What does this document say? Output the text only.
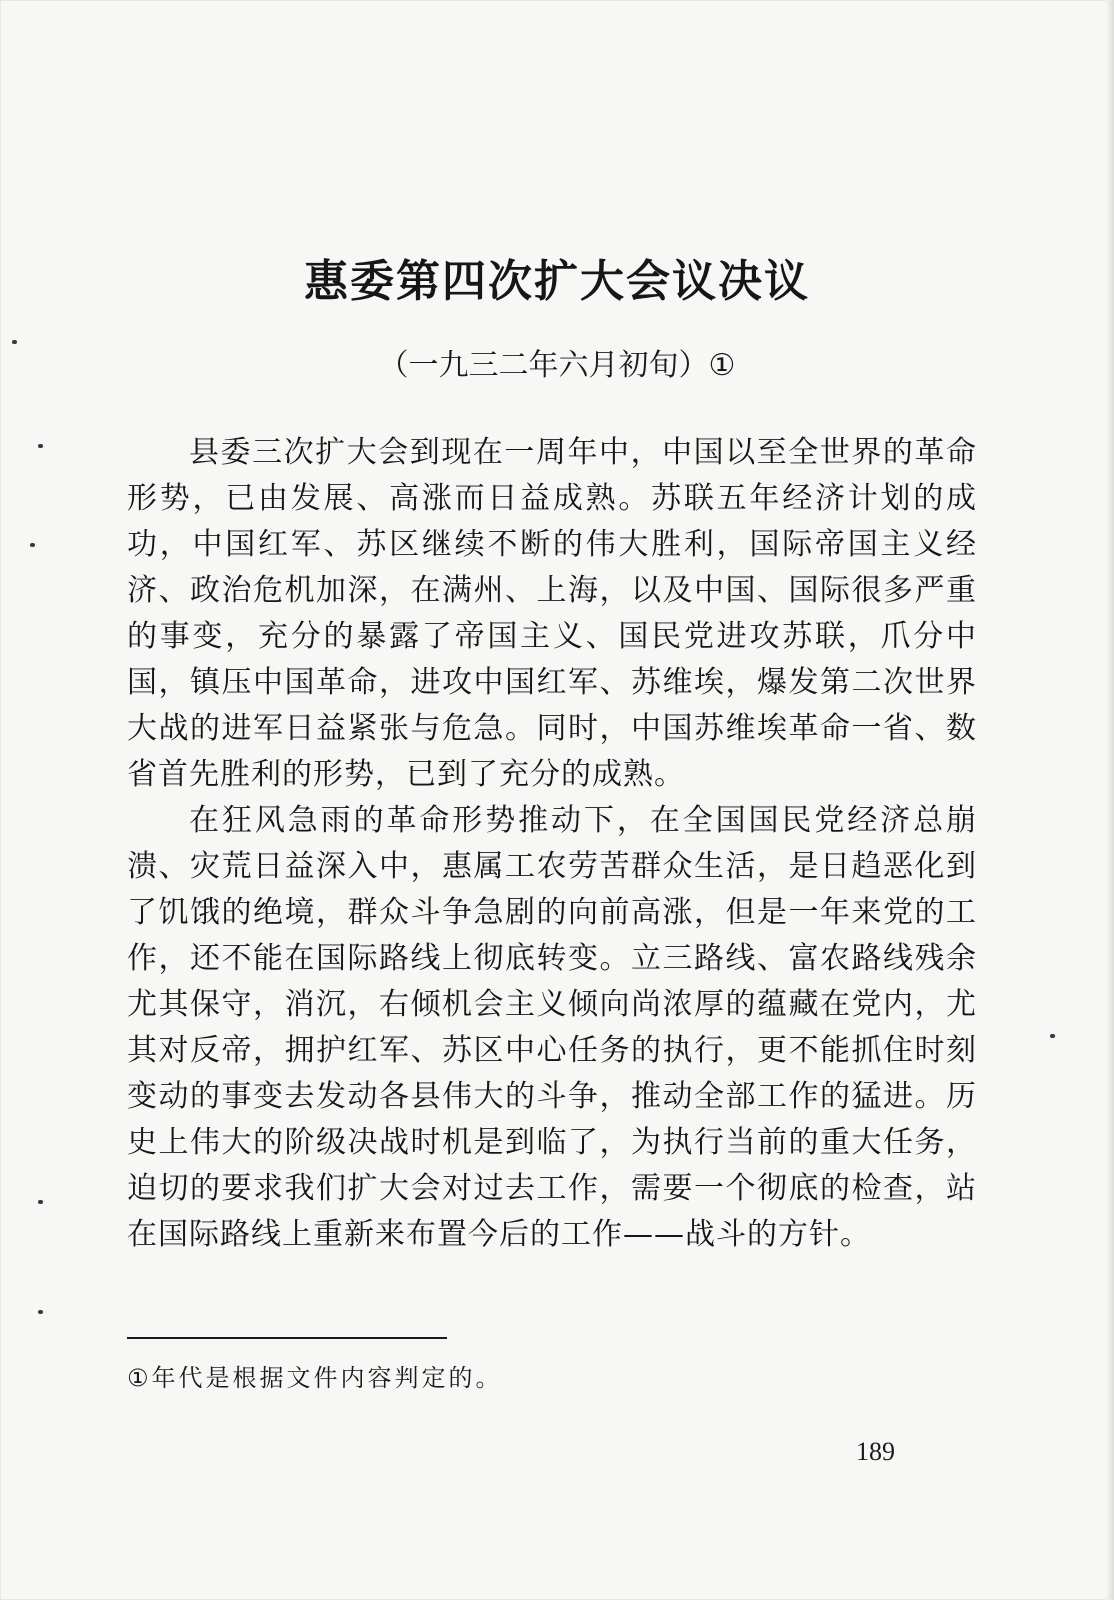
惠委第四次扩大会议决议
（一九三二年六月初旬）①

县委三次扩大会到现在一周年中，中国以至全世界的革命形势，已由发展、高涨而日益成熟。苏联五年经济计划的成功，中国红军、苏区继续不断的伟大胜利，国际帝国主义经济、政治危机加深，在满州、上海，以及中国、国际很多严重的事变，充分的暴露了帝国主义、国民党进攻苏联，爪分中国，镇压中国革命，进攻中国红军、苏维埃，爆发第二次世界大战的进军日益紧张与危急。同时，中国苏维埃革命一省、数省首先胜利的形势，已到了充分的成熟。

在狂风急雨的革命形势推动下，在全国国民党经济总崩溃、灾荒日益深入中，惠属工农劳苦群众生活，是日趋恶化到了饥饿的绝境，群众斗争急剧的向前高涨，但是一年来党的工作，还不能在国际路线上彻底转变。立三路线、富农路线残余尤其保守，消沉，右倾机会主义倾向尚浓厚的蕴藏在党内，尤其对反帝，拥护红军、苏区中心任务的执行，更不能抓住时刻变动的事变去发动各县伟大的斗争，推动全部工作的猛进。历史上伟大的阶级决战时机是到临了，为执行当前的重大任务，迫切的要求我们扩大会对过去工作，需要一个彻底的检查，站在国际路线上重新来布置今后的工作——战斗的方针。

①年代是根据文件内容判定的。
189
